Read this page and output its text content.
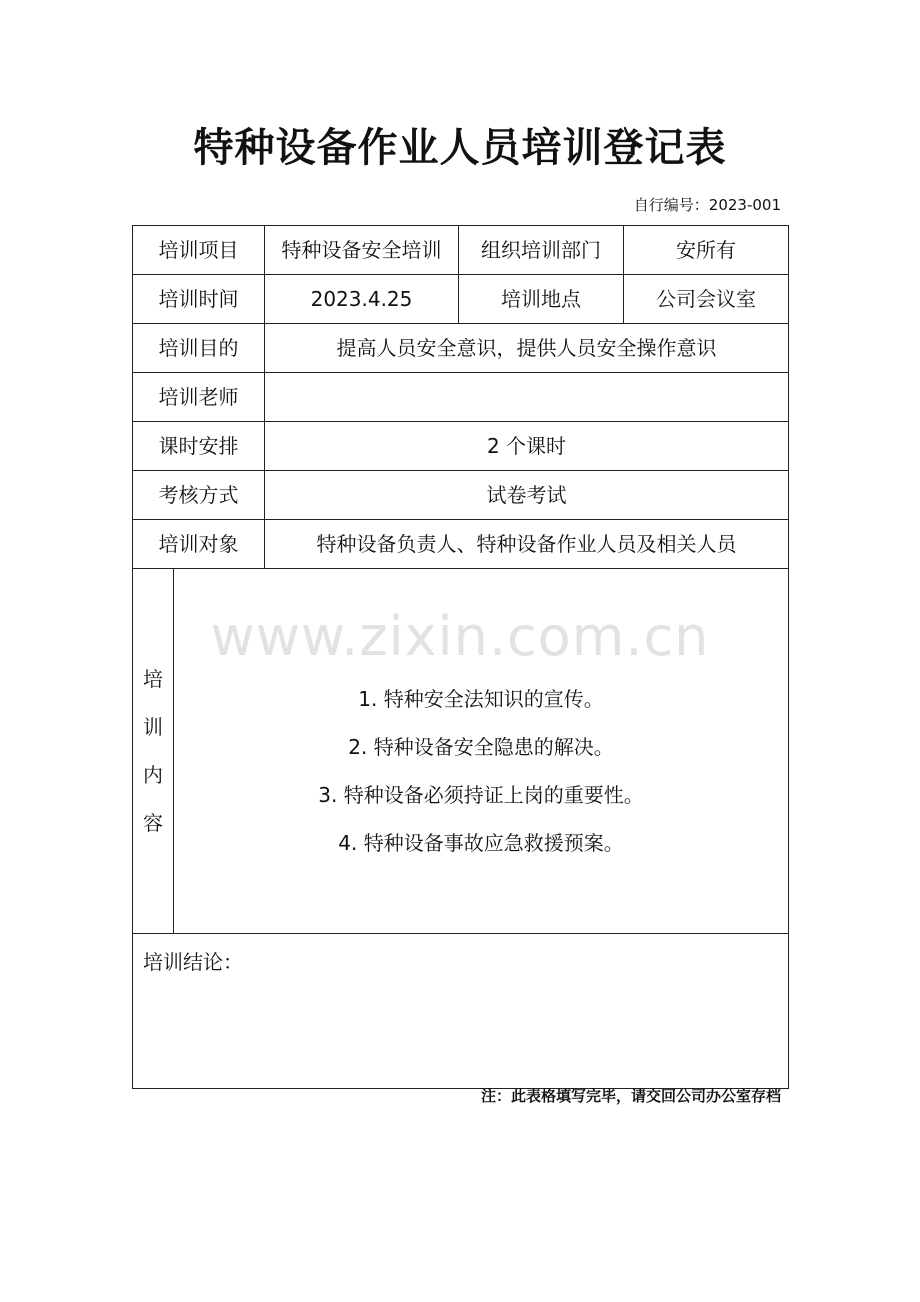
特种设备作业人员培训登记表
自行编号：2023-001
培训项目		特种设备安全培训	组织培训部门	安所有
培训时间		2023.4.25	培训地点	公司会议室
培训目的		提高人员安全意识，提供人员安全操作意识		
培训老师				
课时安排		2 个课时		
考核方式		试卷考试		
培训对象		特种设备负责人、特种设备作业人员及相关人员		

培
训
内
容	1. 特种安全法知识的宣传。
2. 特种设备安全隐患的解决。
3. 特种设备必须持证上岗的重要性。
4. 特种设备事故应急救援预案。			

培训结论：				
www.zixin.com.cn
注：此表格填写完毕，请交回公司办公室存档
